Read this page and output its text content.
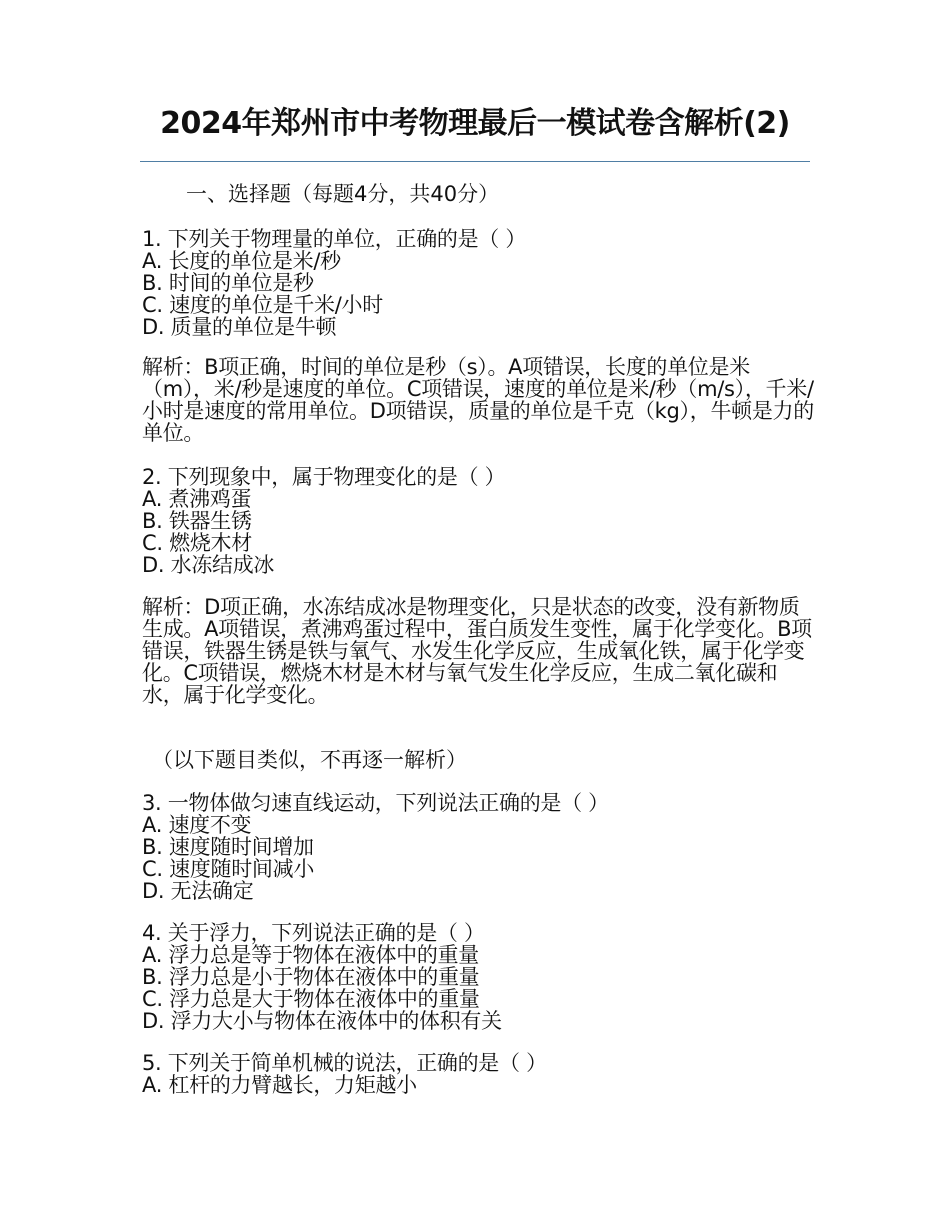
2024年郑州市中考物理最后一模试卷含解析(2)

一、选择题（每题4分，共40分）

1. 下列关于物理量的单位，正确的是（ ）

A. 长度的单位是米/秒

B. 时间的单位是秒

C. 速度的单位是千米/小时

D. 质量的单位是牛顿

解析：B项正确，时间的单位是秒（s）。A项错误，长度的单位是米（m），米/秒是速度的单位。C项错误，速度的单位是米/秒（m/s），千米/小时是速度的常用单位。D项错误，质量的单位是千克（kg），牛顿是力的单位。

2. 下列现象中，属于物理变化的是（ ）

A. 煮沸鸡蛋

B. 铁器生锈

C. 燃烧木材

D. 水冻结成冰

解析：D项正确，水冻结成冰是物理变化，只是状态的改变，没有新物质生成。A项错误，煮沸鸡蛋过程中，蛋白质发生变性，属于化学变化。B项错误，铁器生锈是铁与氧气、水发生化学反应，生成氧化铁，属于化学变化。C项错误，燃烧木材是木材与氧气发生化学反应，生成二氧化碳和水，属于化学变化。

（以下题目类似，不再逐一解析）

3. 一物体做匀速直线运动，下列说法正确的是（ ）

A. 速度不变

B. 速度随时间增加

C. 速度随时间减小

D. 无法确定

4. 关于浮力，下列说法正确的是（ ）

A. 浮力总是等于物体在液体中的重量

B. 浮力总是小于物体在液体中的重量

C. 浮力总是大于物体在液体中的重量

D. 浮力大小与物体在液体中的体积有关

5. 下列关于简单机械的说法，正确的是（ ）

A. 杠杆的力臂越长，力矩越小
